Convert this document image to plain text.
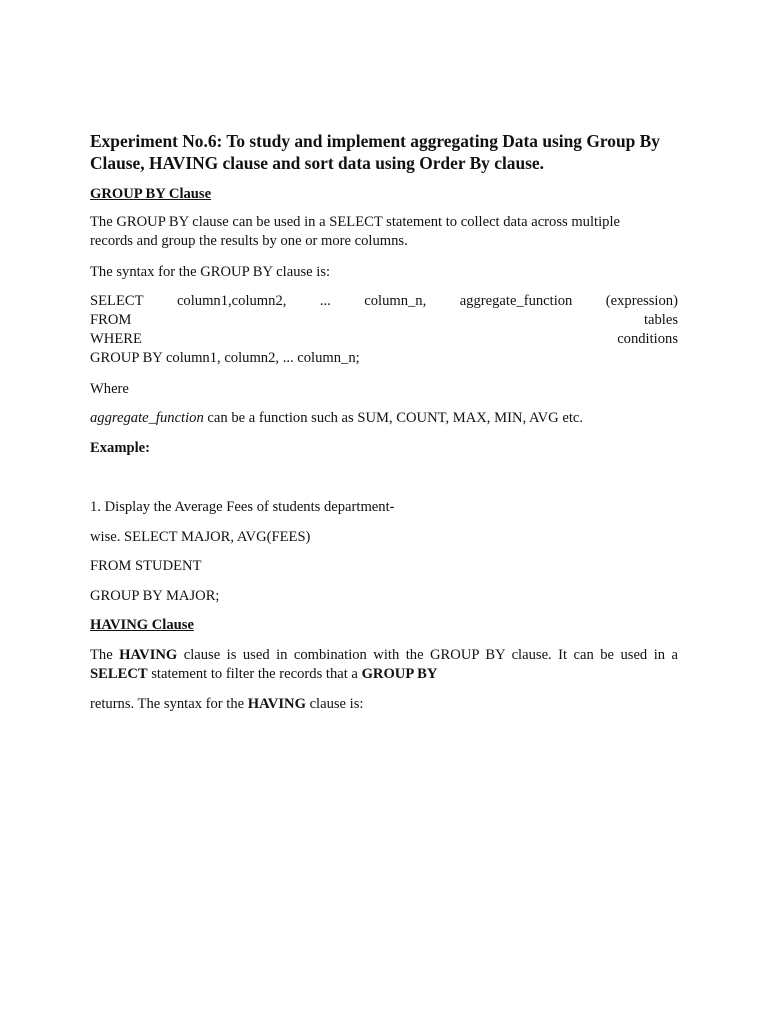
Experiment No.6: To study and implement aggregating Data using Group By
Clause, HAVING clause and sort data using Order By clause.
GROUP BY Clause
The GROUP BY clause can be used in a SELECT statement to collect data across multiple
records and group the results by one or more columns.
The syntax for the GROUP BY clause is:
SELECT column1,column2, ... column_n, aggregate_function (expression)
FROM	tables
WHERE	conditions
GROUP BY column1, column2, ... column_n;
Where
aggregate_function can be a function such as SUM, COUNT, MAX, MIN, AVG etc.
Example:
1. Display the Average Fees of students department-
wise. SELECT MAJOR, AVG(FEES)
FROM STUDENT
GROUP BY MAJOR;
HAVING Clause
The HAVING clause is used in combination with the GROUP BY clause. It can be used in a SELECT statement to filter the records that a GROUP BY
returns. The syntax for the HAVING clause is:
